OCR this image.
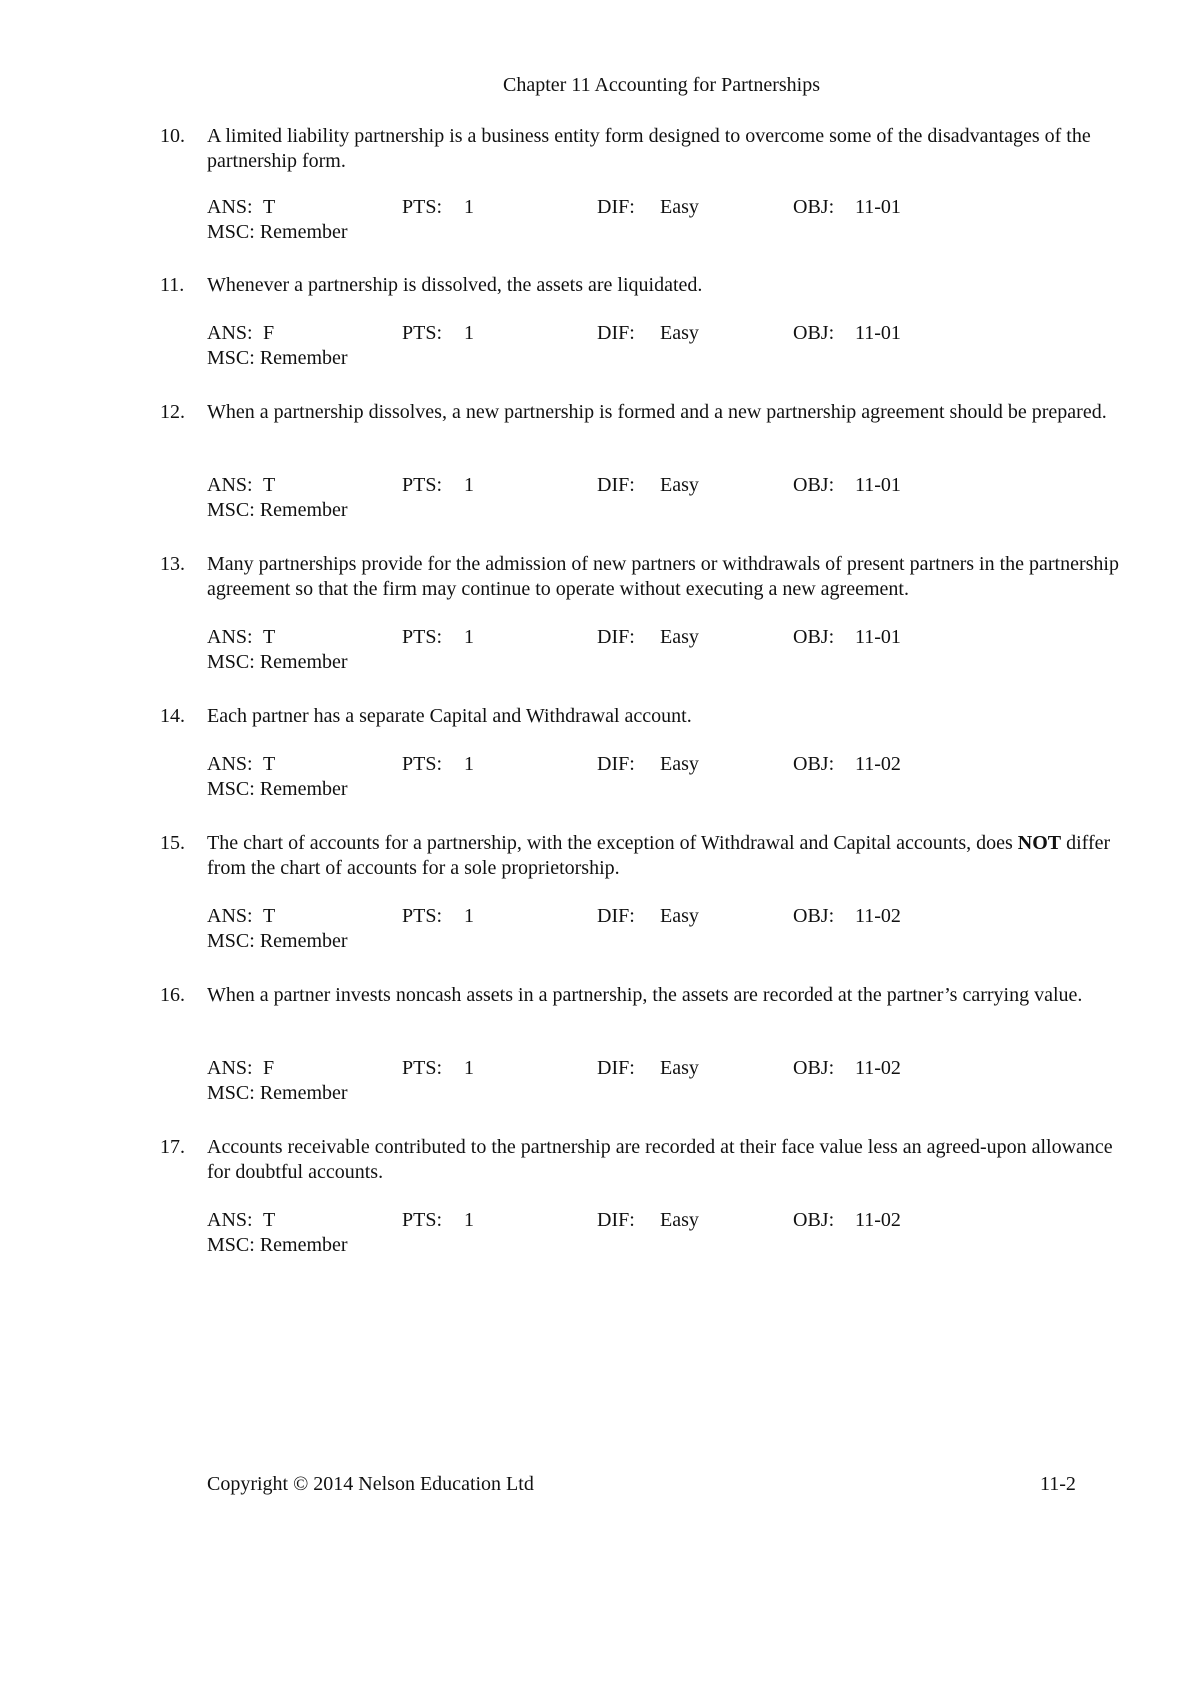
Chapter 11 Accounting for Partnerships
10.	A limited liability partnership is a business entity form designed to overcome some of the disadvantages of the partnership form.
ANS: T	PTS: 1	DIF: Easy	OBJ: 11-01
MSC: Remember
11.	Whenever a partnership is dissolved, the assets are liquidated.
ANS: F	PTS: 1	DIF: Easy	OBJ: 11-01
MSC: Remember
12.	When a partnership dissolves, a new partnership is formed and a new partnership agreement should be prepared.
ANS: T	PTS: 1	DIF: Easy	OBJ: 11-01
MSC: Remember
13.	Many partnerships provide for the admission of new partners or withdrawals of present partners in the partnership agreement so that the firm may continue to operate without executing a new agreement.
ANS: T	PTS: 1	DIF: Easy	OBJ: 11-01
MSC: Remember
14.	Each partner has a separate Capital and Withdrawal account.
ANS: T	PTS: 1	DIF: Easy	OBJ: 11-02
MSC: Remember
15.	The chart of accounts for a partnership, with the exception of Withdrawal and Capital accounts, does NOT differ from the chart of accounts for a sole proprietorship.
ANS: T	PTS: 1	DIF: Easy	OBJ: 11-02
MSC: Remember
16.	When a partner invests noncash assets in a partnership, the assets are recorded at the partner’s carrying value.
ANS: F	PTS: 1	DIF: Easy	OBJ: 11-02
MSC: Remember
17.	Accounts receivable contributed to the partnership are recorded at their face value less an agreed-upon allowance for doubtful accounts.
ANS: T	PTS: 1	DIF: Easy	OBJ: 11-02
MSC: Remember
Copyright © 2014 Nelson Education Ltd	11-2
